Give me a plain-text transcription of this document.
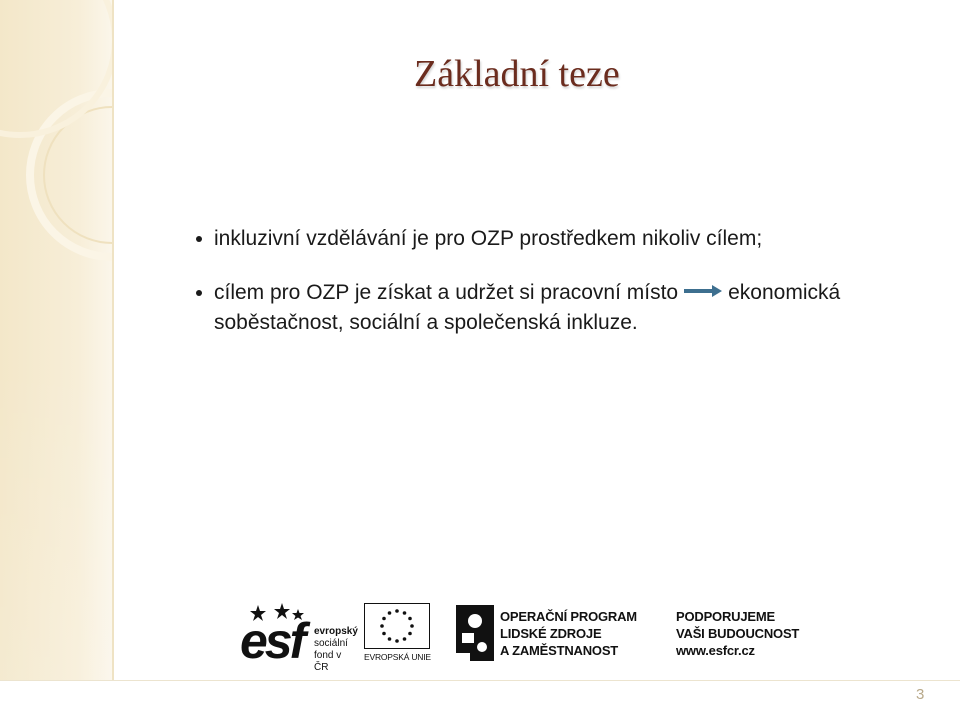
Základní teze
inkluzivní vzdělávání je pro OZP prostředkem nikoliv cílem;
cílem pro OZP je získat a udržet si pracovní místo ekonomická soběstačnost, sociální a společenská inkluze.
esf evropský
sociální
fond v ČR
EVROPSKÁ UNIE
OPERAČNÍ PROGRAM
LIDSKÉ ZDROJE
A ZAMĚSTNANOST
PODPORUJEME
VAŠI BUDOUCNOST
www.esfcr.cz
3
